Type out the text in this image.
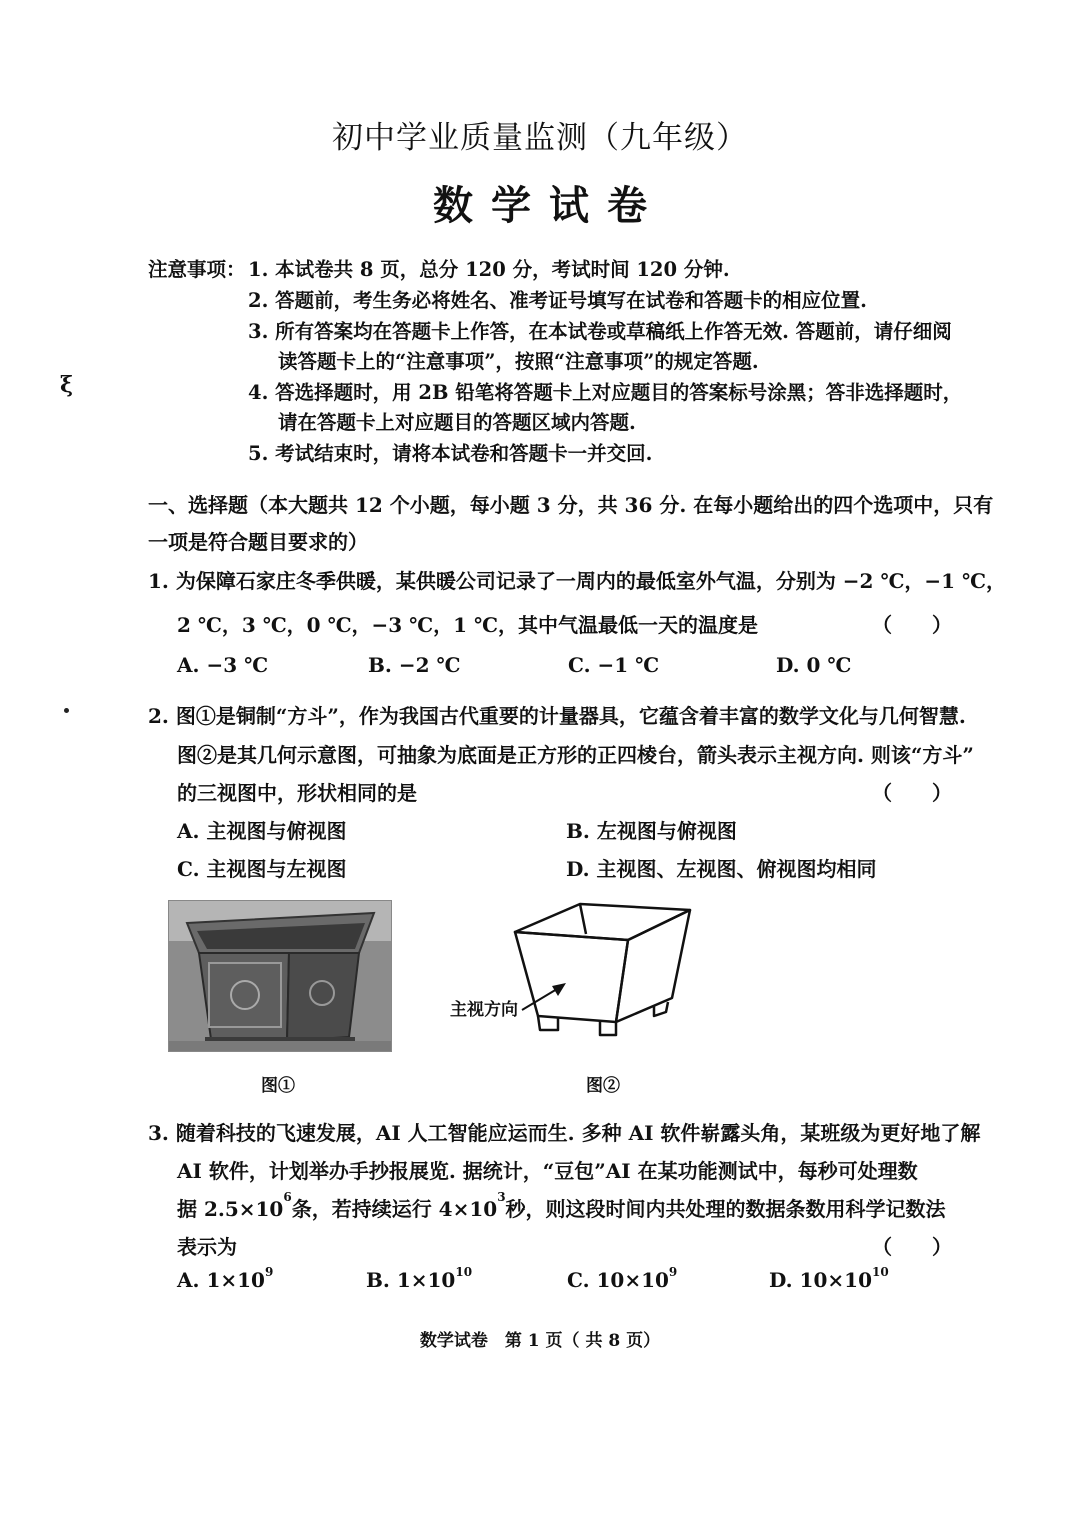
初中学业质量监测（九年级）
数学试卷
注意事项： 1. 本试卷共 8 页，总分 120 分，考试时间 120 分钟.
2. 答题前，考生务必将姓名、准考证号填写在试卷和答题卡的相应位置.
3. 所有答案均在答题卡上作答，在本试卷或草稿纸上作答无效. 答题前，请仔细阅
读答题卡上的“注意事项”，按照“注意事项”的规定答题.
4. 答选择题时，用 2B 铅笔将答题卡上对应题目的答案标号涂黑；答非选择题时，
请在答题卡上对应题目的答题区域内答题.
5. 考试结束时，请将本试卷和答题卡一并交回.
ξ
一、选择题（本大题共 12 个小题，每小题 3 分，共 36 分. 在每小题给出的四个选项中，只有
一项是符合题目要求的）
1. 为保障石家庄冬季供暖，某供暖公司记录了一周内的最低室外气温，分别为 −2 ℃，−1 ℃，
2 ℃，3 ℃，0 ℃，−3 ℃，1 ℃，其中气温最低一天的温度是	（　　）
A. −3 ℃	B. −2 ℃	C. −1 ℃	D. 0 ℃
2. 图①是铜制“方斗”，作为我国古代重要的计量器具，它蕴含着丰富的数学文化与几何智慧.
图②是其几何示意图，可抽象为底面是正方形的正四棱台，箭头表示主视方向. 则该“方斗”
的三视图中，形状相同的是	（　　）
A. 主视图与俯视图	B. 左视图与俯视图
C. 主视图与左视图	D. 主视图、左视图、俯视图均相同
图①
主视方向
图②
3. 随着科技的飞速发展，AI 人工智能应运而生. 多种 AI 软件崭露头角，某班级为更好地了解
AI 软件，计划举办手抄报展览. 据统计，“豆包”AI 在某功能测试中，每秒可处理数
据 $2.5\times 10^6$条，若持续运行 $4\times 10^3$秒，则这段时间内共处理的数据条数用科学记数法
表示为	（　　）
A. $1\times 10^9$	B. $1\times 10^{10}$	C. $10\times 10^9$	D. $10\times 10^{10}$
数学试卷　第 1 页（ 共 8 页）
